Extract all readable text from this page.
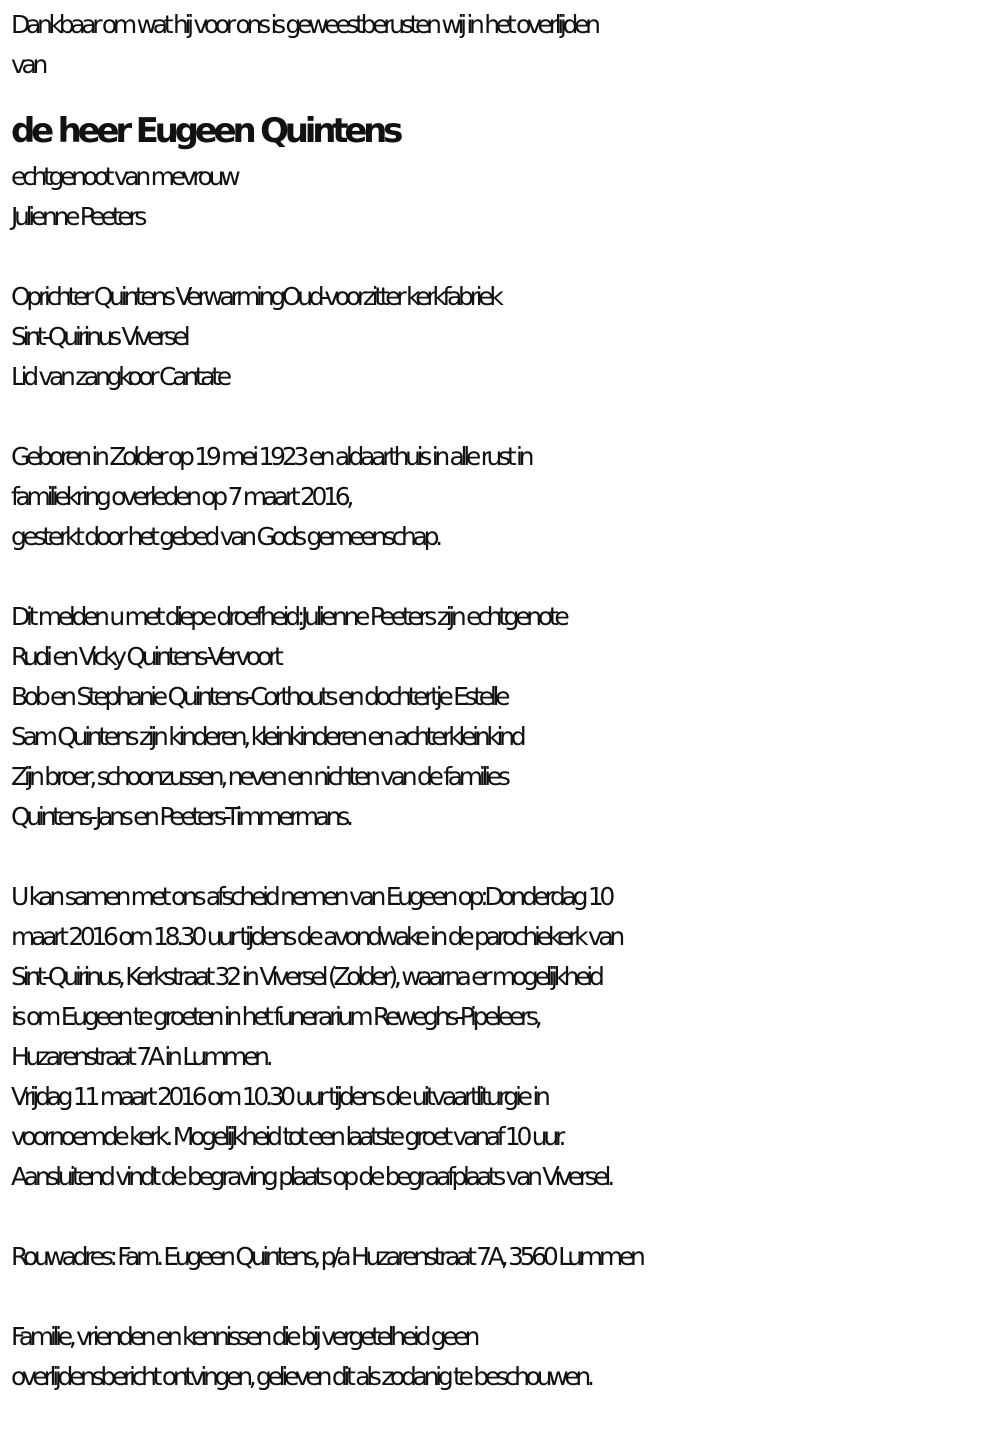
Dankbaar om wat hij voor ons is geweestberusten wij in het overlijden
van
de heer Eugeen Quintens
echtgenoot van mevrouw
Julienne Peeters
Oprichter Quintens VerwarmingOud-voorzitter kerkfabriek
Sint-Quirinus Viversel
Lid van zangkoor Cantate
Geboren in Zolder op 19 mei 1923 en aldaarthuis in alle rust in
familiekring overleden op 7 maart 2016,
gesterkt door het gebed van Gods gemeenschap.
Dit melden u met diepe droefheid:Julienne Peeters zijn echtgenote
Rudi en Vicky Quintens-Vervoort
Bob en Stephanie Quintens-Corthouts en dochtertje Estelle
Sam Quintens zijn kinderen, kleinkinderen en achterkleinkind
Zijn broer, schoonzussen, neven en nichten van de families
Quintens-Jans en Peeters-Timmermans.
U kan samen met ons afscheid nemen van Eugeen op:Donderdag 10
maart 2016 om 18.30 uur tijdens de avondwake in de parochiekerk van
Sint-Quirinus, Kerkstraat 32 in Viversel (Zolder), waarna er mogelijkheid
is om Eugeen te groeten in het funerarium Reweghs-Pipeleers,
Huzarenstraat 7A in Lummen.
Vrijdag 11 maart 2016 om 10.30 uur tijdens de uitvaartliturgie in
voornoemde kerk. Mogelijkheid tot een laatste groet vanaf 10 uur.
Aansluitend vindt de begraving plaats op de begraafplaats van Viversel.
Rouwadres: Fam. Eugeen Quintens, p/a Huzarenstraat 7A, 3560 Lummen
Familie, vrienden en kennissen die bij vergetelheid geen
overlijdensbericht ontvingen, gelieven dit als zodanig te beschouwen.
